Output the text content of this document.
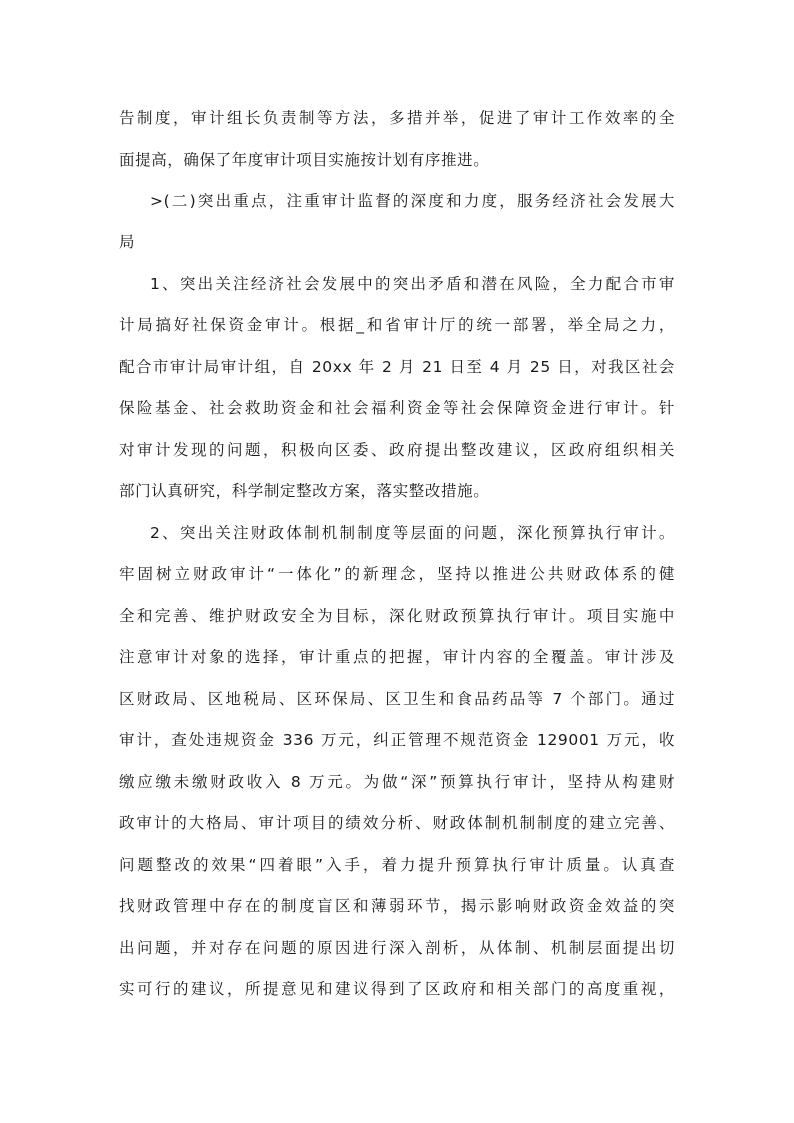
告制度，审计组长负责制等方法，多措并举，促进了审计工作效率的全
面提高，确保了年度审计项目实施按计划有序推进。
>(二)突出重点，注重审计监督的深度和力度，服务经济社会发展大
局
1、突出关注经济社会发展中的突出矛盾和潜在风险，全力配合市审
计局搞好社保资金审计。根据_和省审计厅的统一部署，举全局之力，
配合市审计局审计组，自 20xx 年 2 月 21 日至 4 月 25 日，对我区社会
保险基金、社会救助资金和社会福利资金等社会保障资金进行审计。针
对审计发现的问题，积极向区委、政府提出整改建议，区政府组织相关
部门认真研究，科学制定整改方案，落实整改措施。
2、突出关注财政体制机制制度等层面的问题，深化预算执行审计。
牢固树立财政审计“一体化”的新理念，坚持以推进公共财政体系的健
全和完善、维护财政安全为目标，深化财政预算执行审计。项目实施中
注意审计对象的选择，审计重点的把握，审计内容的全覆盖。审计涉及
区财政局、区地税局、区环保局、区卫生和食品药品等 7 个部门。通过
审计，查处违规资金 336 万元，纠正管理不规范资金 129001 万元，收
缴应缴未缴财政收入 8 万元。为做“深”预算执行审计，坚持从构建财
政审计的大格局、审计项目的绩效分析、财政体制机制制度的建立完善、
问题整改的效果“四着眼”入手，着力提升预算执行审计质量。认真查
找财政管理中存在的制度盲区和薄弱环节，揭示影响财政资金效益的突
出问题，并对存在问题的原因进行深入剖析，从体制、机制层面提出切
实可行的建议，所提意见和建议得到了区政府和相关部门的高度重视，
